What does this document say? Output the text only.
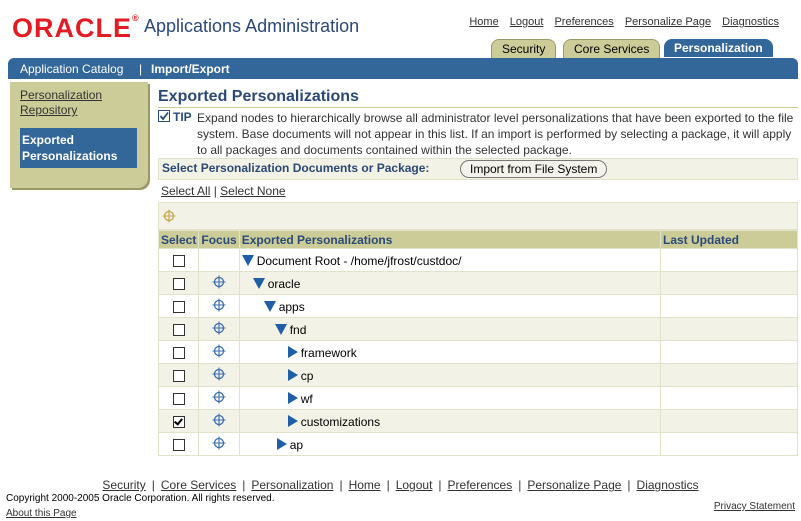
ORACLE® Applications Administration	Home Logout Preferences Personalize Page Diagnostics
Security	Core Services	Personalization
Application Catalog | Import/Export
Personalization Repository
Exported Personalizations
Exported Personalizations
TIP Expand nodes to hierarchically browse all administrator level personalizations that have been exported to the file system. Base documents will not appear in this list. If an import is performed by selecting a package, it will apply to all packages and documents contained within the selected package.
Select Personalization Documents or Package:	Import from File System
Select All | Select None
Select	Focus	Exported Personalizations	Last Updated
		Document Root - /home/jfrost/custdoc/	
		oracle	
		apps	
		fnd	
		framework	
		cp	
		wf	
		customizations	
		ap	
Security | Core Services | Personalization | Home | Logout | Preferences | Personalize Page | Diagnostics
Copyright 2000-2005 Oracle Corporation. All rights reserved.
About this Page
Privacy Statement
